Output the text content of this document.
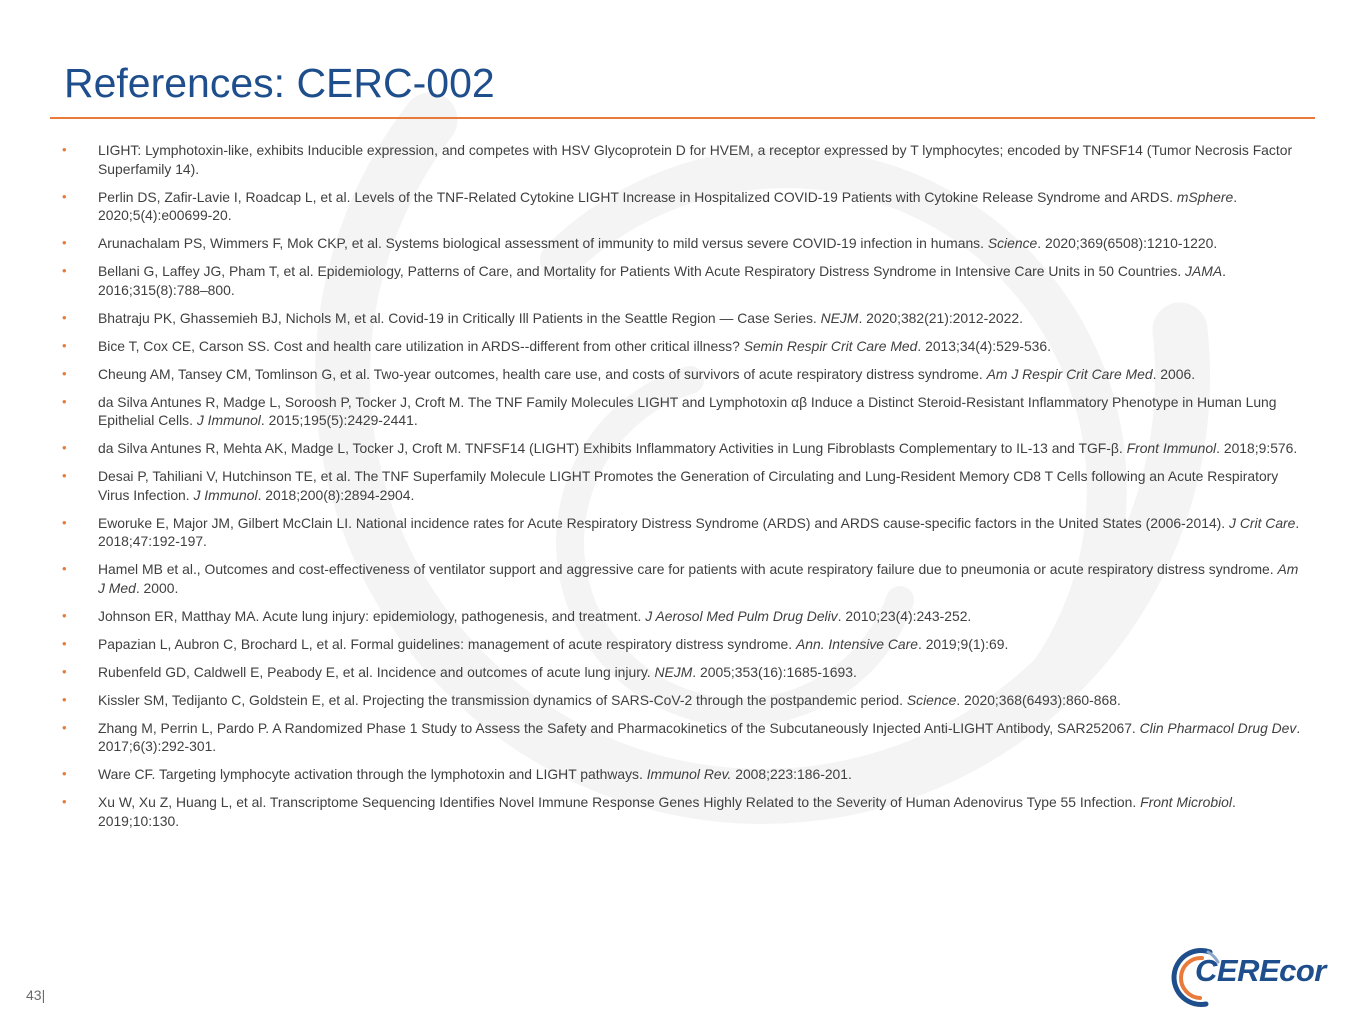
References: CERC-002
• LIGHT: Lymphotoxin-like, exhibits Inducible expression, and competes with HSV Glycoprotein D for HVEM, a receptor expressed by T lymphocytes; encoded by TNFSF14 (Tumor Necrosis Factor Superfamily 14).
• Perlin DS, Zafir-Lavie I, Roadcap L, et al. Levels of the TNF-Related Cytokine LIGHT Increase in Hospitalized COVID-19 Patients with Cytokine Release Syndrome and ARDS. mSphere. 2020;5(4):e00699-20.
• Arunachalam PS, Wimmers F, Mok CKP, et al. Systems biological assessment of immunity to mild versus severe COVID-19 infection in humans. Science. 2020;369(6508):1210-1220.
• Bellani G, Laffey JG, Pham T, et al. Epidemiology, Patterns of Care, and Mortality for Patients With Acute Respiratory Distress Syndrome in Intensive Care Units in 50 Countries. JAMA. 2016;315(8):788–800.
• Bhatraju PK, Ghassemieh BJ, Nichols M, et al. Covid-19 in Critically Ill Patients in the Seattle Region — Case Series. NEJM. 2020;382(21):2012-2022.
• Bice T, Cox CE, Carson SS. Cost and health care utilization in ARDS--different from other critical illness? Semin Respir Crit Care Med. 2013;34(4):529-536.
• Cheung AM, Tansey CM, Tomlinson G, et al. Two-year outcomes, health care use, and costs of survivors of acute respiratory distress syndrome. Am J Respir Crit Care Med. 2006.
• da Silva Antunes R, Madge L, Soroosh P, Tocker J, Croft M. The TNF Family Molecules LIGHT and Lymphotoxin αβ Induce a Distinct Steroid-Resistant Inflammatory Phenotype in Human Lung Epithelial Cells. J Immunol. 2015;195(5):2429-2441.
• da Silva Antunes R, Mehta AK, Madge L, Tocker J, Croft M. TNFSF14 (LIGHT) Exhibits Inflammatory Activities in Lung Fibroblasts Complementary to IL-13 and TGF-β. Front Immunol. 2018;9:576.
• Desai P, Tahiliani V, Hutchinson TE, et al. The TNF Superfamily Molecule LIGHT Promotes the Generation of Circulating and Lung-Resident Memory CD8 T Cells following an Acute Respiratory Virus Infection. J Immunol. 2018;200(8):2894-2904.
• Eworuke E, Major JM, Gilbert McClain LI. National incidence rates for Acute Respiratory Distress Syndrome (ARDS) and ARDS cause-specific factors in the United States (2006-2014). J Crit Care. 2018;47:192-197.
• Hamel MB et al., Outcomes and cost-effectiveness of ventilator support and aggressive care for patients with acute respiratory failure due to pneumonia or acute respiratory distress syndrome. Am J Med. 2000.
• Johnson ER, Matthay MA. Acute lung injury: epidemiology, pathogenesis, and treatment. J Aerosol Med Pulm Drug Deliv. 2010;23(4):243-252.
• Papazian L, Aubron C, Brochard L, et al. Formal guidelines: management of acute respiratory distress syndrome. Ann. Intensive Care. 2019;9(1):69.
• Rubenfeld GD, Caldwell E, Peabody E, et al. Incidence and outcomes of acute lung injury. NEJM. 2005;353(16):1685-1693.
• Kissler SM, Tedijanto C, Goldstein E, et al. Projecting the transmission dynamics of SARS-CoV-2 through the postpandemic period. Science. 2020;368(6493):860-868.
• Zhang M, Perrin L, Pardo P. A Randomized Phase 1 Study to Assess the Safety and Pharmacokinetics of the Subcutaneously Injected Anti-LIGHT Antibody, SAR252067. Clin Pharmacol Drug Dev. 2017;6(3):292-301.
• Ware CF. Targeting lymphocyte activation through the lymphotoxin and LIGHT pathways. Immunol Rev. 2008;223:186-201.
• Xu W, Xu Z, Huang L, et al. Transcriptome Sequencing Identifies Novel Immune Response Genes Highly Related to the Severity of Human Adenovirus Type 55 Infection. Front Microbiol. 2019;10:130.
43|
CEREcor
